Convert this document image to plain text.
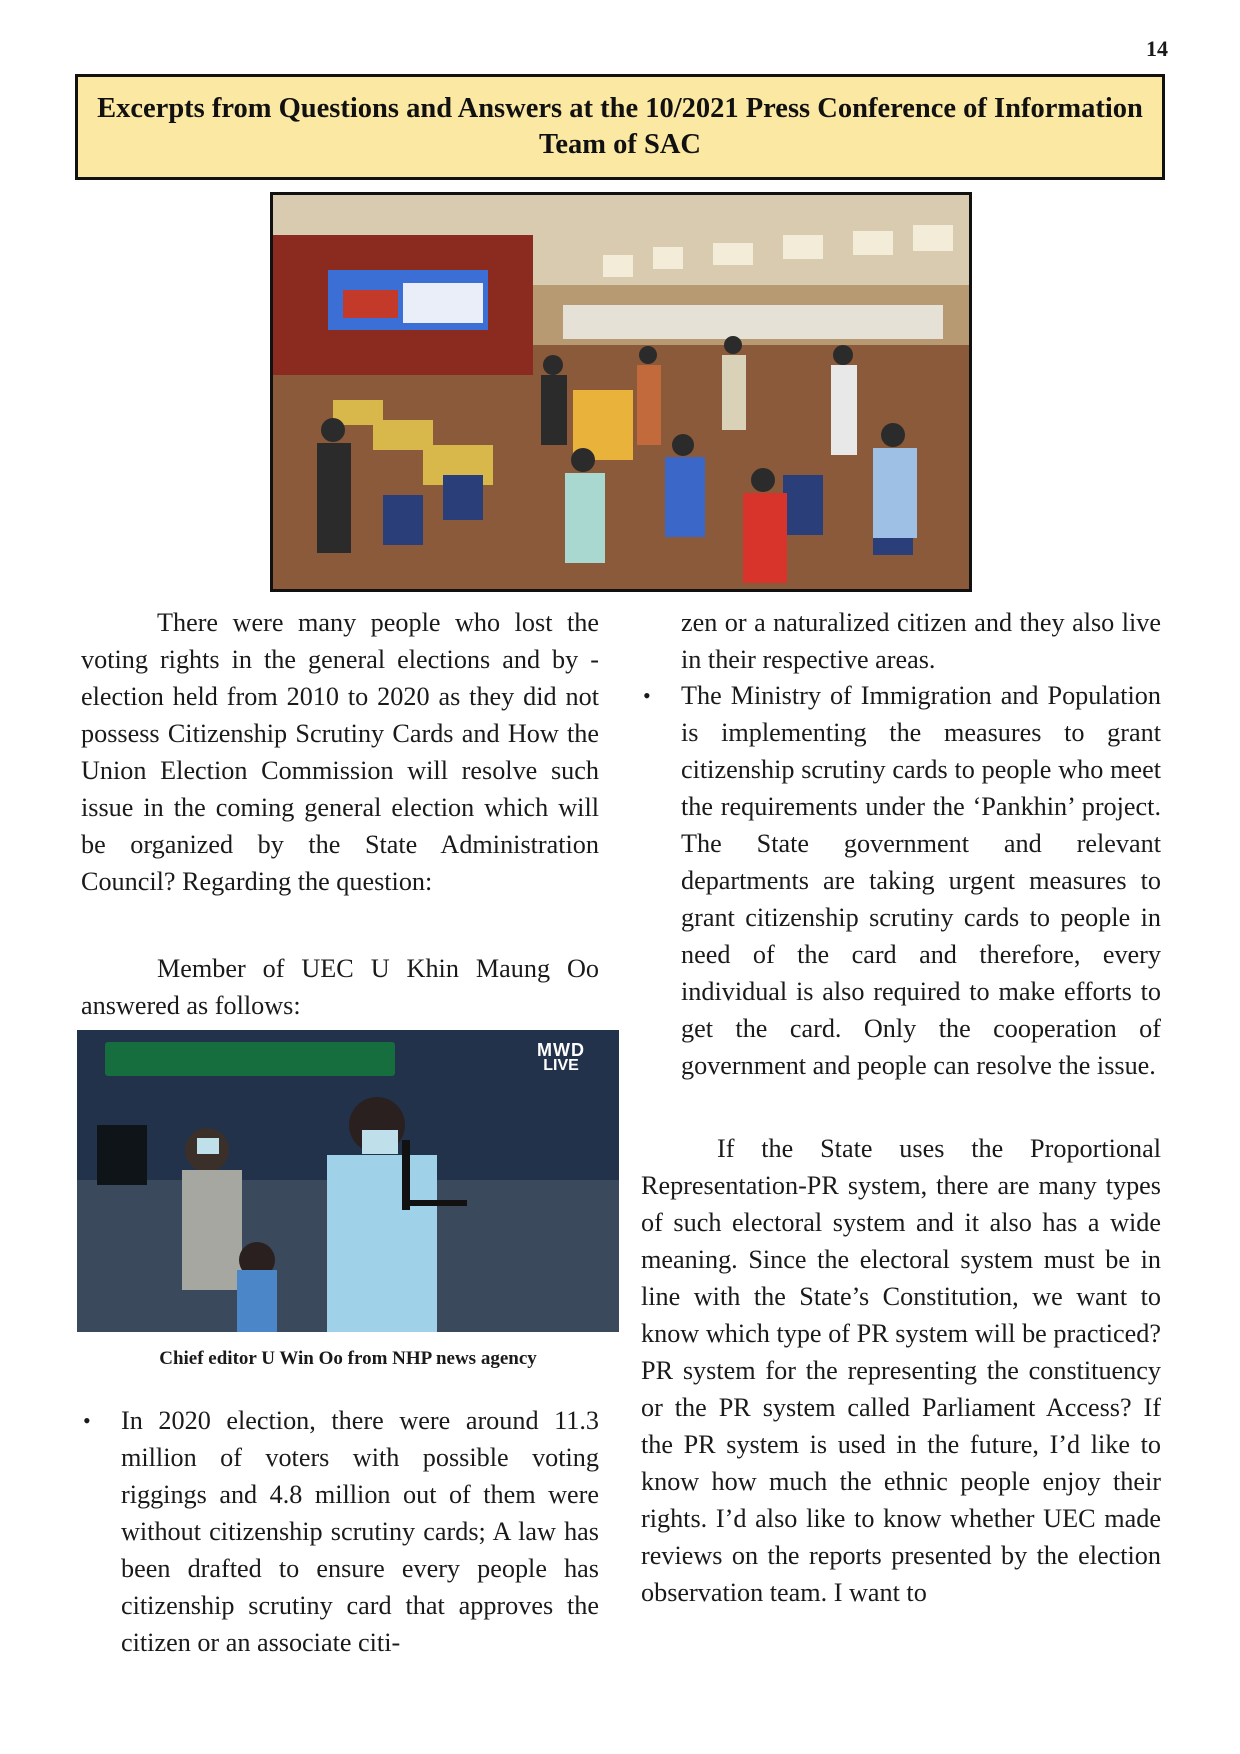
14
Excerpts from Questions and Answers at the 10/2021 Press Conference of Information Team of SAC

There were many people who lost the voting rights in the general elections and by -election held from 2010 to 2020 as they did not possess Citizenship Scrutiny Cards and How the Union Election Commission will resolve such issue in the coming general election which will be organized by the State Administration Council? Regarding the question:

Member of UEC U Khin Maung Oo answered as follows:

MWD
LIVE
Chief editor U Win Oo from NHP news agency

• In 2020 election, there were around 11.3 million of voters with possible voting riggings and 4.8 million out of them were without citizenship scrutiny cards; A law has been drafted to ensure every people has citizenship scrutiny card that approves the citizen or an associate citi-

zen or a naturalized citizen and they also live in their respective areas.

• The Ministry of Immigration and Population is implementing the measures to grant citizenship scrutiny cards to people who meet the requirements under the ‘Pankhin’ project. The State government and relevant departments are taking urgent measures to grant citizenship scrutiny cards to people in need of the card and therefore, every individual is also required to make efforts to get the card. Only the cooperation of government and people can resolve the issue.

If the State uses the Proportional Representation-PR system, there are many types of such electoral system and it also has a wide meaning. Since the electoral system must be in line with the State’s Constitution, we want to know which type of PR system will be practiced? PR system for the representing the constituency or the PR system called Parliament Access? If the PR system is used in the future, I’d like to know how much the ethnic people enjoy their rights. I’d also like to know whether UEC made reviews on the reports presented by the election observation team. I want to
